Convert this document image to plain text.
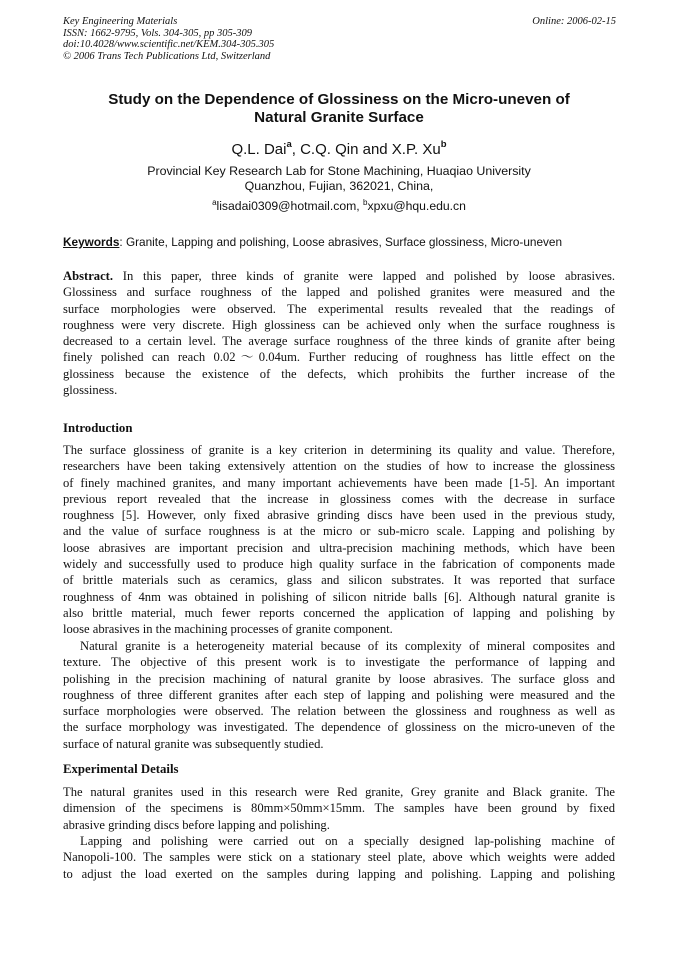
Key Engineering Materials
ISSN: 1662-9795, Vols. 304-305, pp 305-309
doi:10.4028/www.scientific.net/KEM.304-305.305
© 2006 Trans Tech Publications Ltd, Switzerland
Online: 2006-02-15
Study on the Dependence of Glossiness on the Micro-uneven of
Natural Granite Surface
Q.L. Dai$^a$, C.Q. Qin and X.P. Xu$^b$
Provincial Key Research Lab for Stone Machining, Huaqiao University
Quanzhou, Fujian, 362021, China,
$^a$lisadai0309@hotmail.com, $^b$xpxu@hqu.edu.cn
Keywords: Granite, Lapping and polishing, Loose abrasives, Surface glossiness, Micro-uneven
Abstract. In this paper, three kinds of granite were lapped and polished by loose abrasives.
Glossiness and surface roughness of the lapped and polished granites were measured and the
surface morphologies were observed. The experimental results revealed that the readings of
roughness were very discrete. High glossiness can be achieved only when the surface roughness is
decreased to a certain level. The average surface roughness of the three kinds of granite after being
finely polished can reach 0.02～0.04um. Further reducing of roughness has little effect on the
glossiness because the existence of the defects, which prohibits the further increase of the
glossiness.
Introduction
The surface glossiness of granite is a key criterion in determining its quality and value. Therefore,
researchers have been taking extensively attention on the studies of how to increase the glossiness
of finely machined granites, and many important achievements have been made [1-5]. An important
previous report revealed that the increase in glossiness comes with the decrease in surface
roughness [5]. However, only fixed abrasive grinding discs have been used in the previous study,
and the value of surface roughness is at the micro or sub-micro scale. Lapping and polishing by
loose abrasives are important precision and ultra-precision machining methods, which have been
widely and successfully used to produce high quality surface in the fabrication of components made
of brittle materials such as ceramics, glass and silicon substrates. It was reported that surface
roughness of 4nm was obtained in polishing of silicon nitride balls [6]. Although natural granite is
also brittle material, much fewer reports concerned the application of lapping and polishing by
loose abrasives in the machining processes of granite component.
Natural granite is a heterogeneity material because of its complexity of mineral composites and
texture. The objective of this present work is to investigate the performance of lapping and
polishing in the precision machining of natural granite by loose abrasives. The surface gloss and
roughness of three different granites after each step of lapping and polishing were measured and the
surface morphologies were observed. The relation between the glossiness and roughness as well as
the surface morphology was investigated. The dependence of glossiness on the micro-uneven of the
surface of natural granite was subsequently studied.
Experimental Details
The natural granites used in this research were Red granite, Grey granite and Black granite. The
dimension of the specimens is 80mm×50mm×15mm. The samples have been ground by fixed
abrasive grinding discs before lapping and polishing.
Lapping and polishing were carried out on a specially designed lap-polishing machine of
Nanopoli-100. The samples were stick on a stationary steel plate, above which weights were added
to adjust the load exerted on the samples during lapping and polishing. Lapping and polishing
